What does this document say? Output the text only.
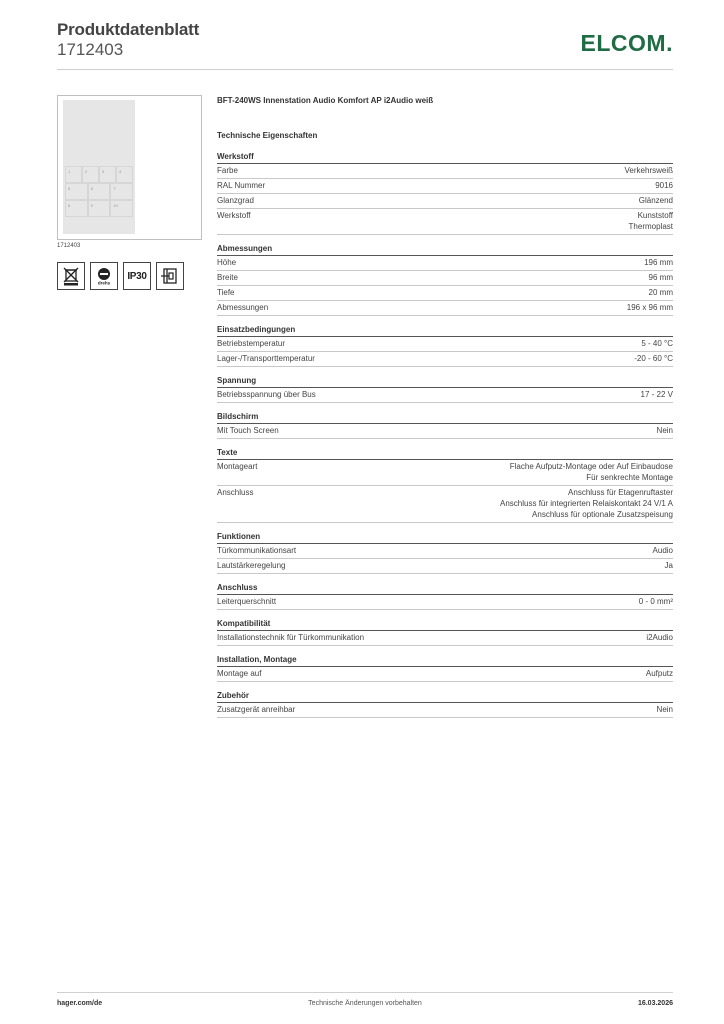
Produktdatenblatt
1712403	ELCOM.
1	2	3	4
5	6	7
8	9	10
1712403
drehs
IP30
BFT-240WS Innenstation Audio Komfort AP i2Audio weiß
Technische Eigenschaften
Werkstoff
Farbe	Verkehrsweiß
RAL Nummer	9016
Glanzgrad	Glänzend
Werkstoff	Kunststoff
Thermoplast
Abmessungen
Höhe	196 mm
Breite	96 mm
Tiefe	20 mm
Abmessungen	196 x 96 mm
Einsatzbedingungen
Betriebstemperatur	5 - 40 °C
Lager-/Transporttemperatur	-20 - 60 °C
Spannung
Betriebsspannung über Bus	17 - 22 V
Bildschirm
Mit Touch Screen	Nein
Texte
Montageart	Flache Aufputz-Montage oder Auf Einbaudose
Für senkrechte Montage
Anschluss	Anschluss für Etagenruftaster
Anschluss für integrierten Relaiskontakt 24 V/1 A
Anschluss für optionale Zusatzspeisung
Funktionen
Türkommunikationsart	Audio
Lautstärkeregelung	Ja
Anschluss
Leiterquerschnitt	0 - 0 mm²
Kompatibilität
Installationstechnik für Türkommunikation	i2Audio
Installation, Montage
Montage auf	Aufputz
Zubehör
Zusatzgerät anreihbar	Nein
hager.com/de	Technische Änderungen vorbehalten	16.03.2026
